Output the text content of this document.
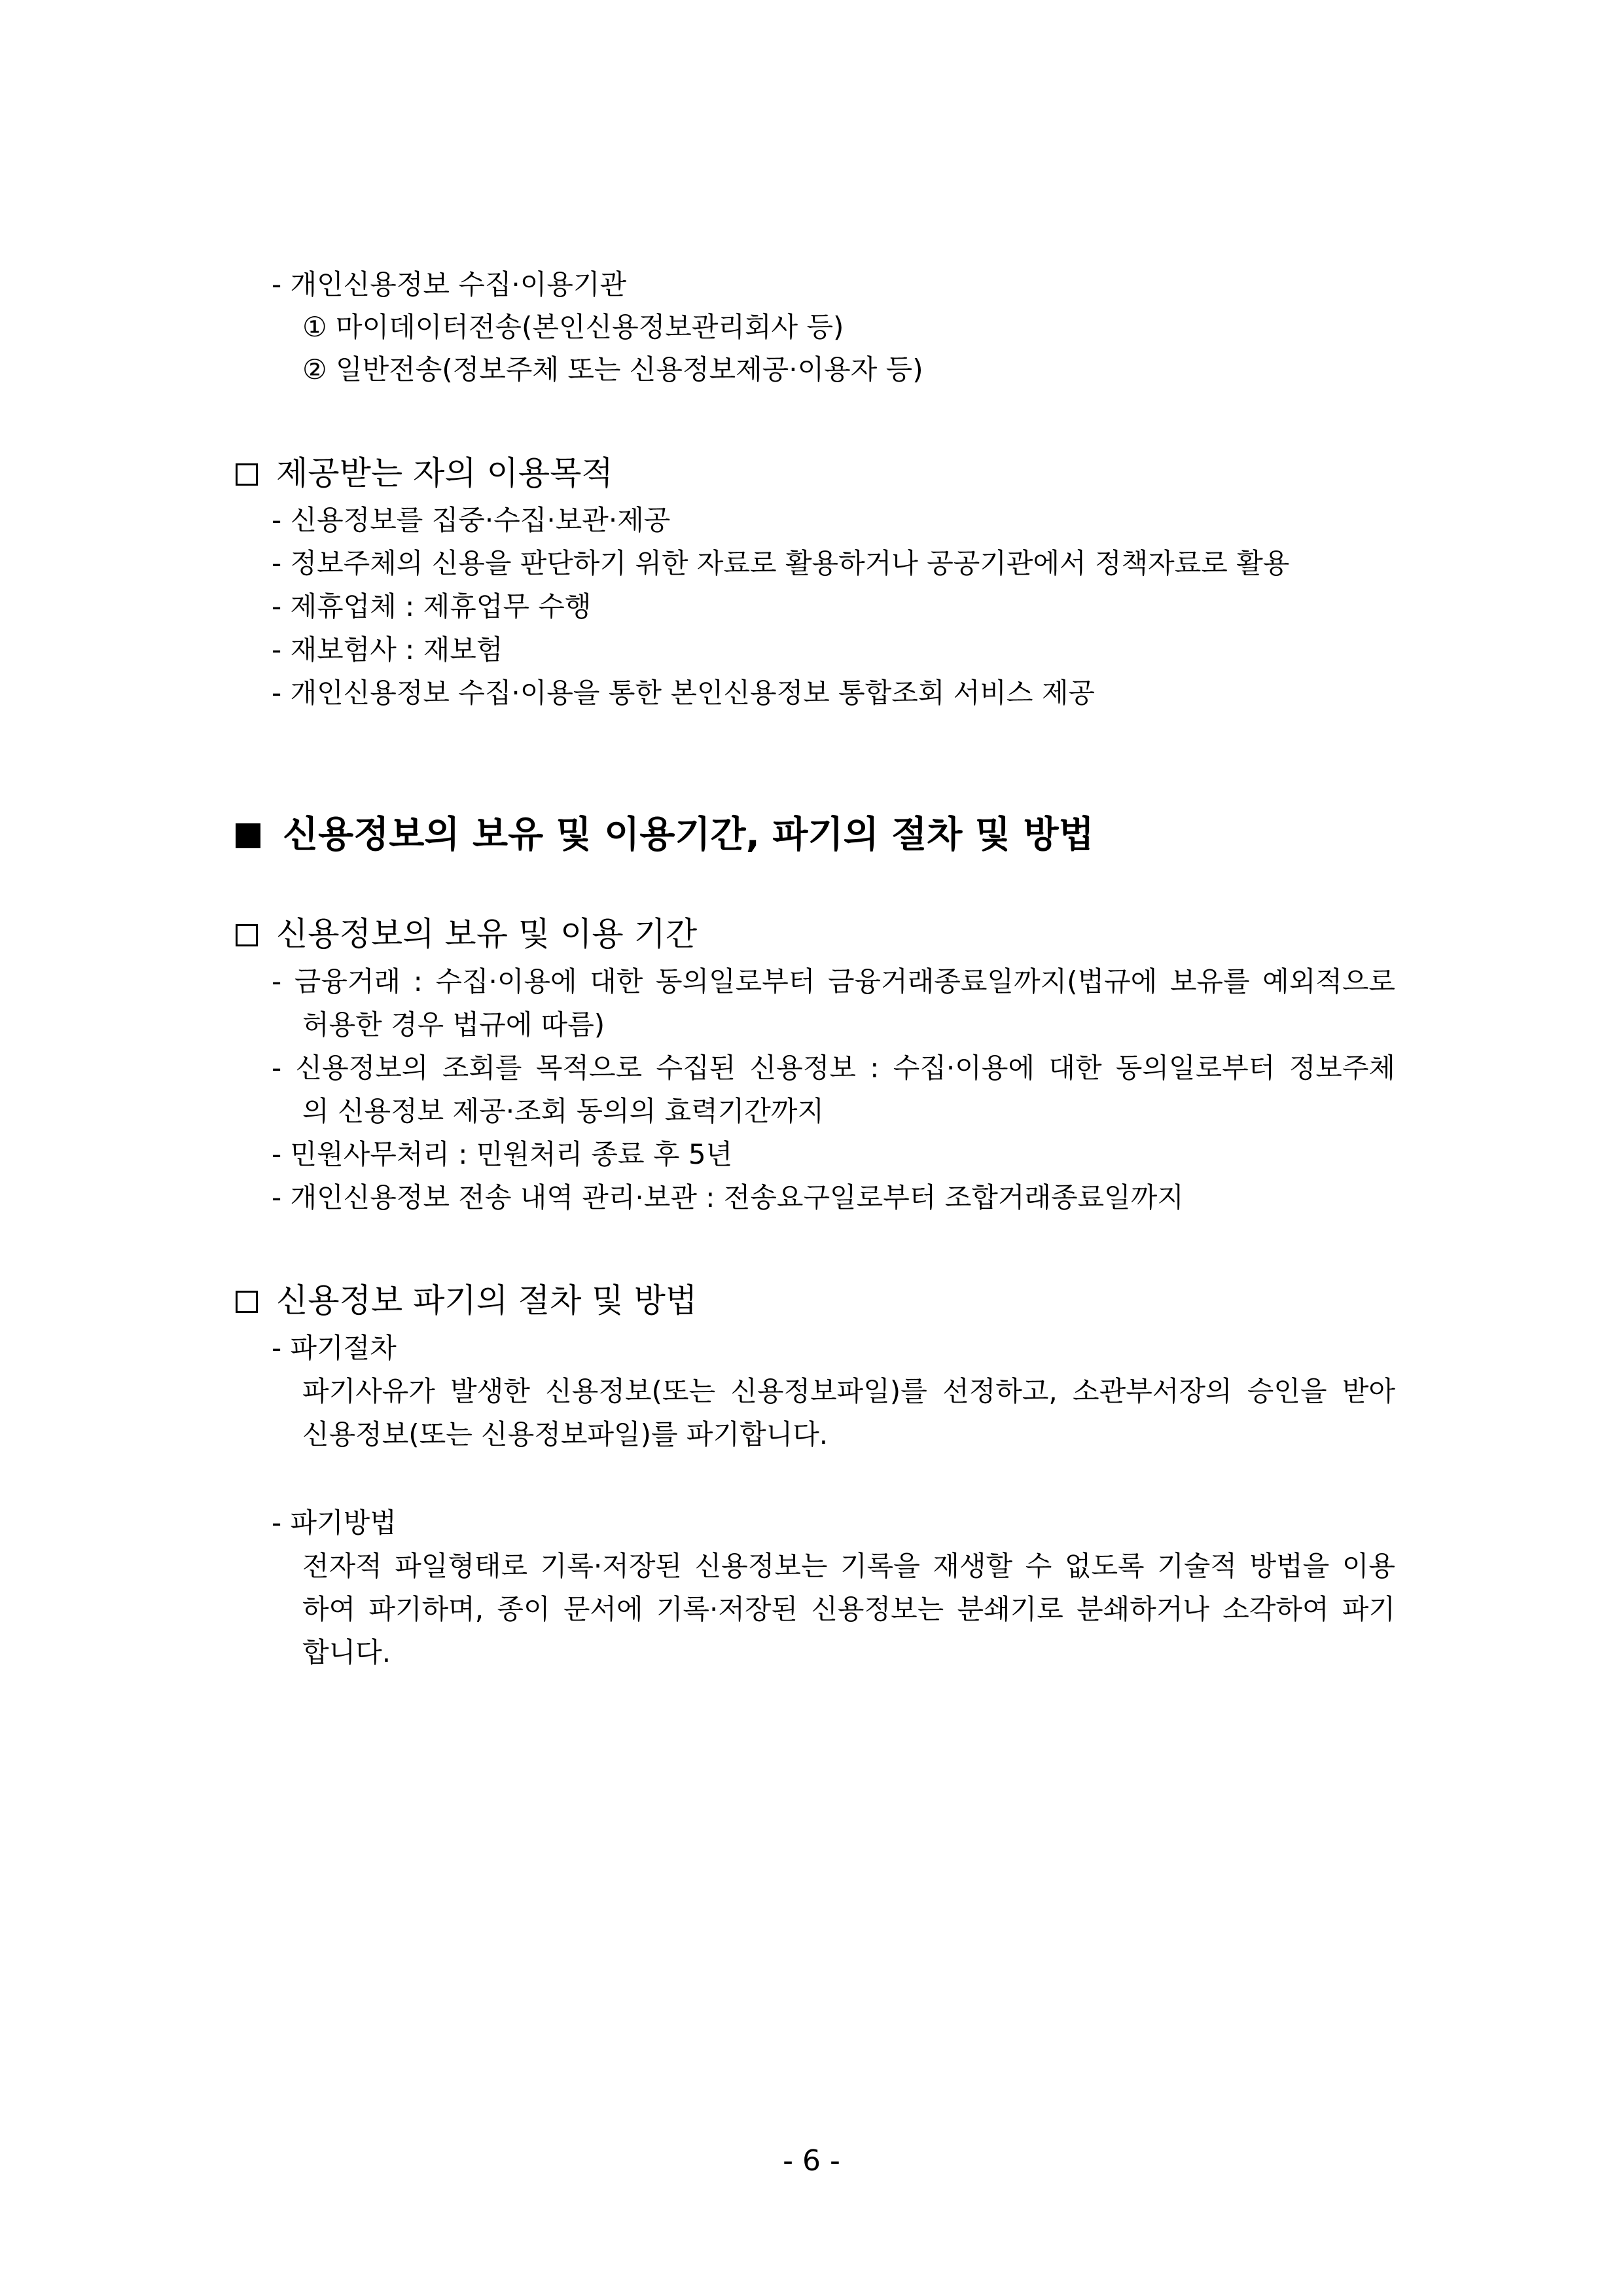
- 개인신용정보 수집·이용기관
① 마이데이터전송(본인신용정보관리회사 등)
② 일반전송(정보주체 또는 신용정보제공·이용자 등)
제공받는 자의 이용목적
- 신용정보를 집중·수집·보관·제공
- 정보주체의 신용을 판단하기 위한 자료로 활용하거나 공공기관에서 정책자료로 활용
- 제휴업체 : 제휴업무 수행
- 재보험사 : 재보험
- 개인신용정보 수집·이용을 통한 본인신용정보 통합조회 서비스 제공
신용정보의 보유 및 이용기간, 파기의 절차 및 방법
신용정보의 보유 및 이용 기간
- 금융거래 : 수집·이용에 대한 동의일로부터 금융거래종료일까지(법규에 보유를 예외적으로
허용한 경우 법규에 따름)
- 신용정보의 조회를 목적으로 수집된 신용정보 : 수집·이용에 대한 동의일로부터 정보주체
의 신용정보 제공·조회 동의의 효력기간까지
- 민원사무처리 : 민원처리 종료 후 5년
- 개인신용정보 전송 내역 관리·보관 : 전송요구일로부터 조합거래종료일까지
신용정보 파기의 절차 및 방법
- 파기절차
파기사유가 발생한 신용정보(또는 신용정보파일)를 선정하고, 소관부서장의 승인을 받아
신용정보(또는 신용정보파일)를 파기합니다.
- 파기방법
전자적 파일형태로 기록·저장된 신용정보는 기록을 재생할 수 없도록 기술적 방법을 이용
하여 파기하며, 종이 문서에 기록·저장된 신용정보는 분쇄기로 분쇄하거나 소각하여 파기
합니다.
- 6 -
